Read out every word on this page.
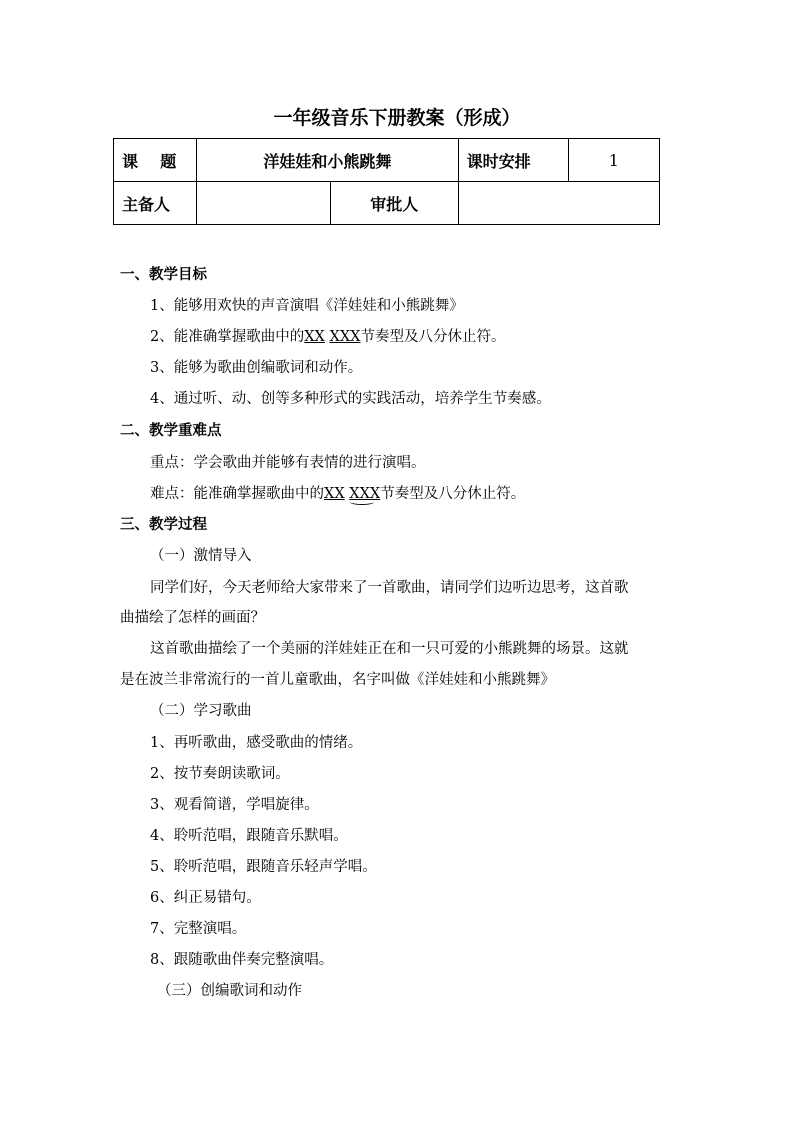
一年级音乐下册教案（形成）
课    题	洋娃娃和小熊跳舞		课时安排	1
主备人		审批人		
一、教学目标
1、能够用欢快的声音演唱《洋娃娃和小熊跳舞》
2、能准确掌握歌曲中的XX XXX节奏型及八分休止符。
3、能够为歌曲创编歌词和动作。
4、通过听、动、创等多种形式的实践活动，培养学生节奏感。
二、教学重难点
重点：学会歌曲并能够有表情的进行演唱。
难点：能准确掌握歌曲中的XX XXX节奏型及八分休止符。
三、教学过程
（一）激情导入
同学们好，今天老师给大家带来了一首歌曲，请同学们边听边思考，这首歌
曲描绘了怎样的画面？
这首歌曲描绘了一个美丽的洋娃娃正在和一只可爱的小熊跳舞的场景。这就
是在波兰非常流行的一首儿童歌曲，名字叫做《洋娃娃和小熊跳舞》
（二）学习歌曲
1、再听歌曲，感受歌曲的情绪。
2、按节奏朗读歌词。
3、观看简谱，学唱旋律。
4、聆听范唱，跟随音乐默唱。
5、聆听范唱，跟随音乐轻声学唱。
6、纠正易错句。
7、完整演唱。
8、跟随歌曲伴奏完整演唱。
（三）创编歌词和动作
